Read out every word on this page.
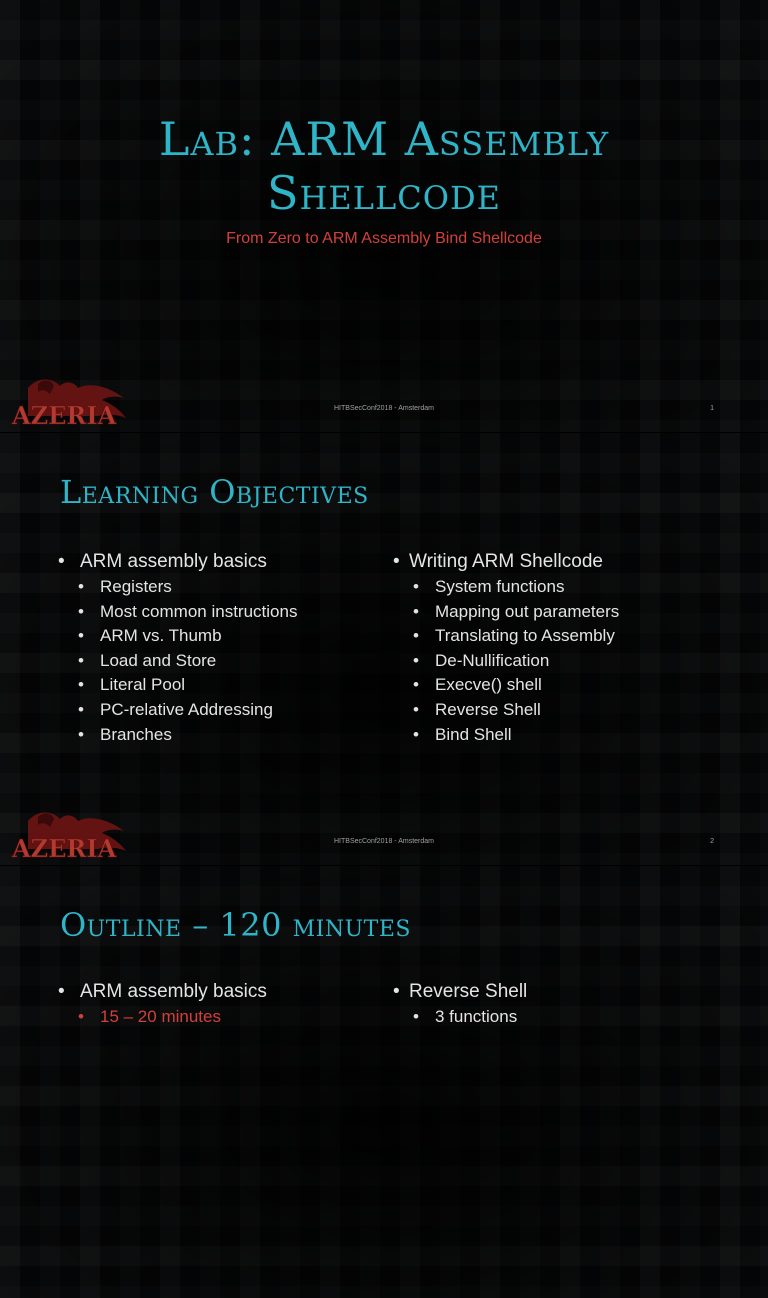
Lab: ARM Assembly
Shellcode
From Zero to ARM Assembly Bind Shellcode
AZERIA	HITBSecConf2018 - Amsterdam	1
Learning Objectives
• ARM assembly basics
• Registers
• Most common instructions
• ARM vs. Thumb
• Load and Store
• Literal Pool
• PC-relative Addressing
• Branches
• Writing ARM Shellcode
• System functions
• Mapping out parameters
• Translating to Assembly
• De-Nullification
• Execve() shell
• Reverse Shell
• Bind Shell
AZERIA	HITBSecConf2018 - Amsterdam	2
Outline – 120 minutes
• ARM assembly basics
• 15 – 20 minutes
• Reverse Shell
• 3 functions
